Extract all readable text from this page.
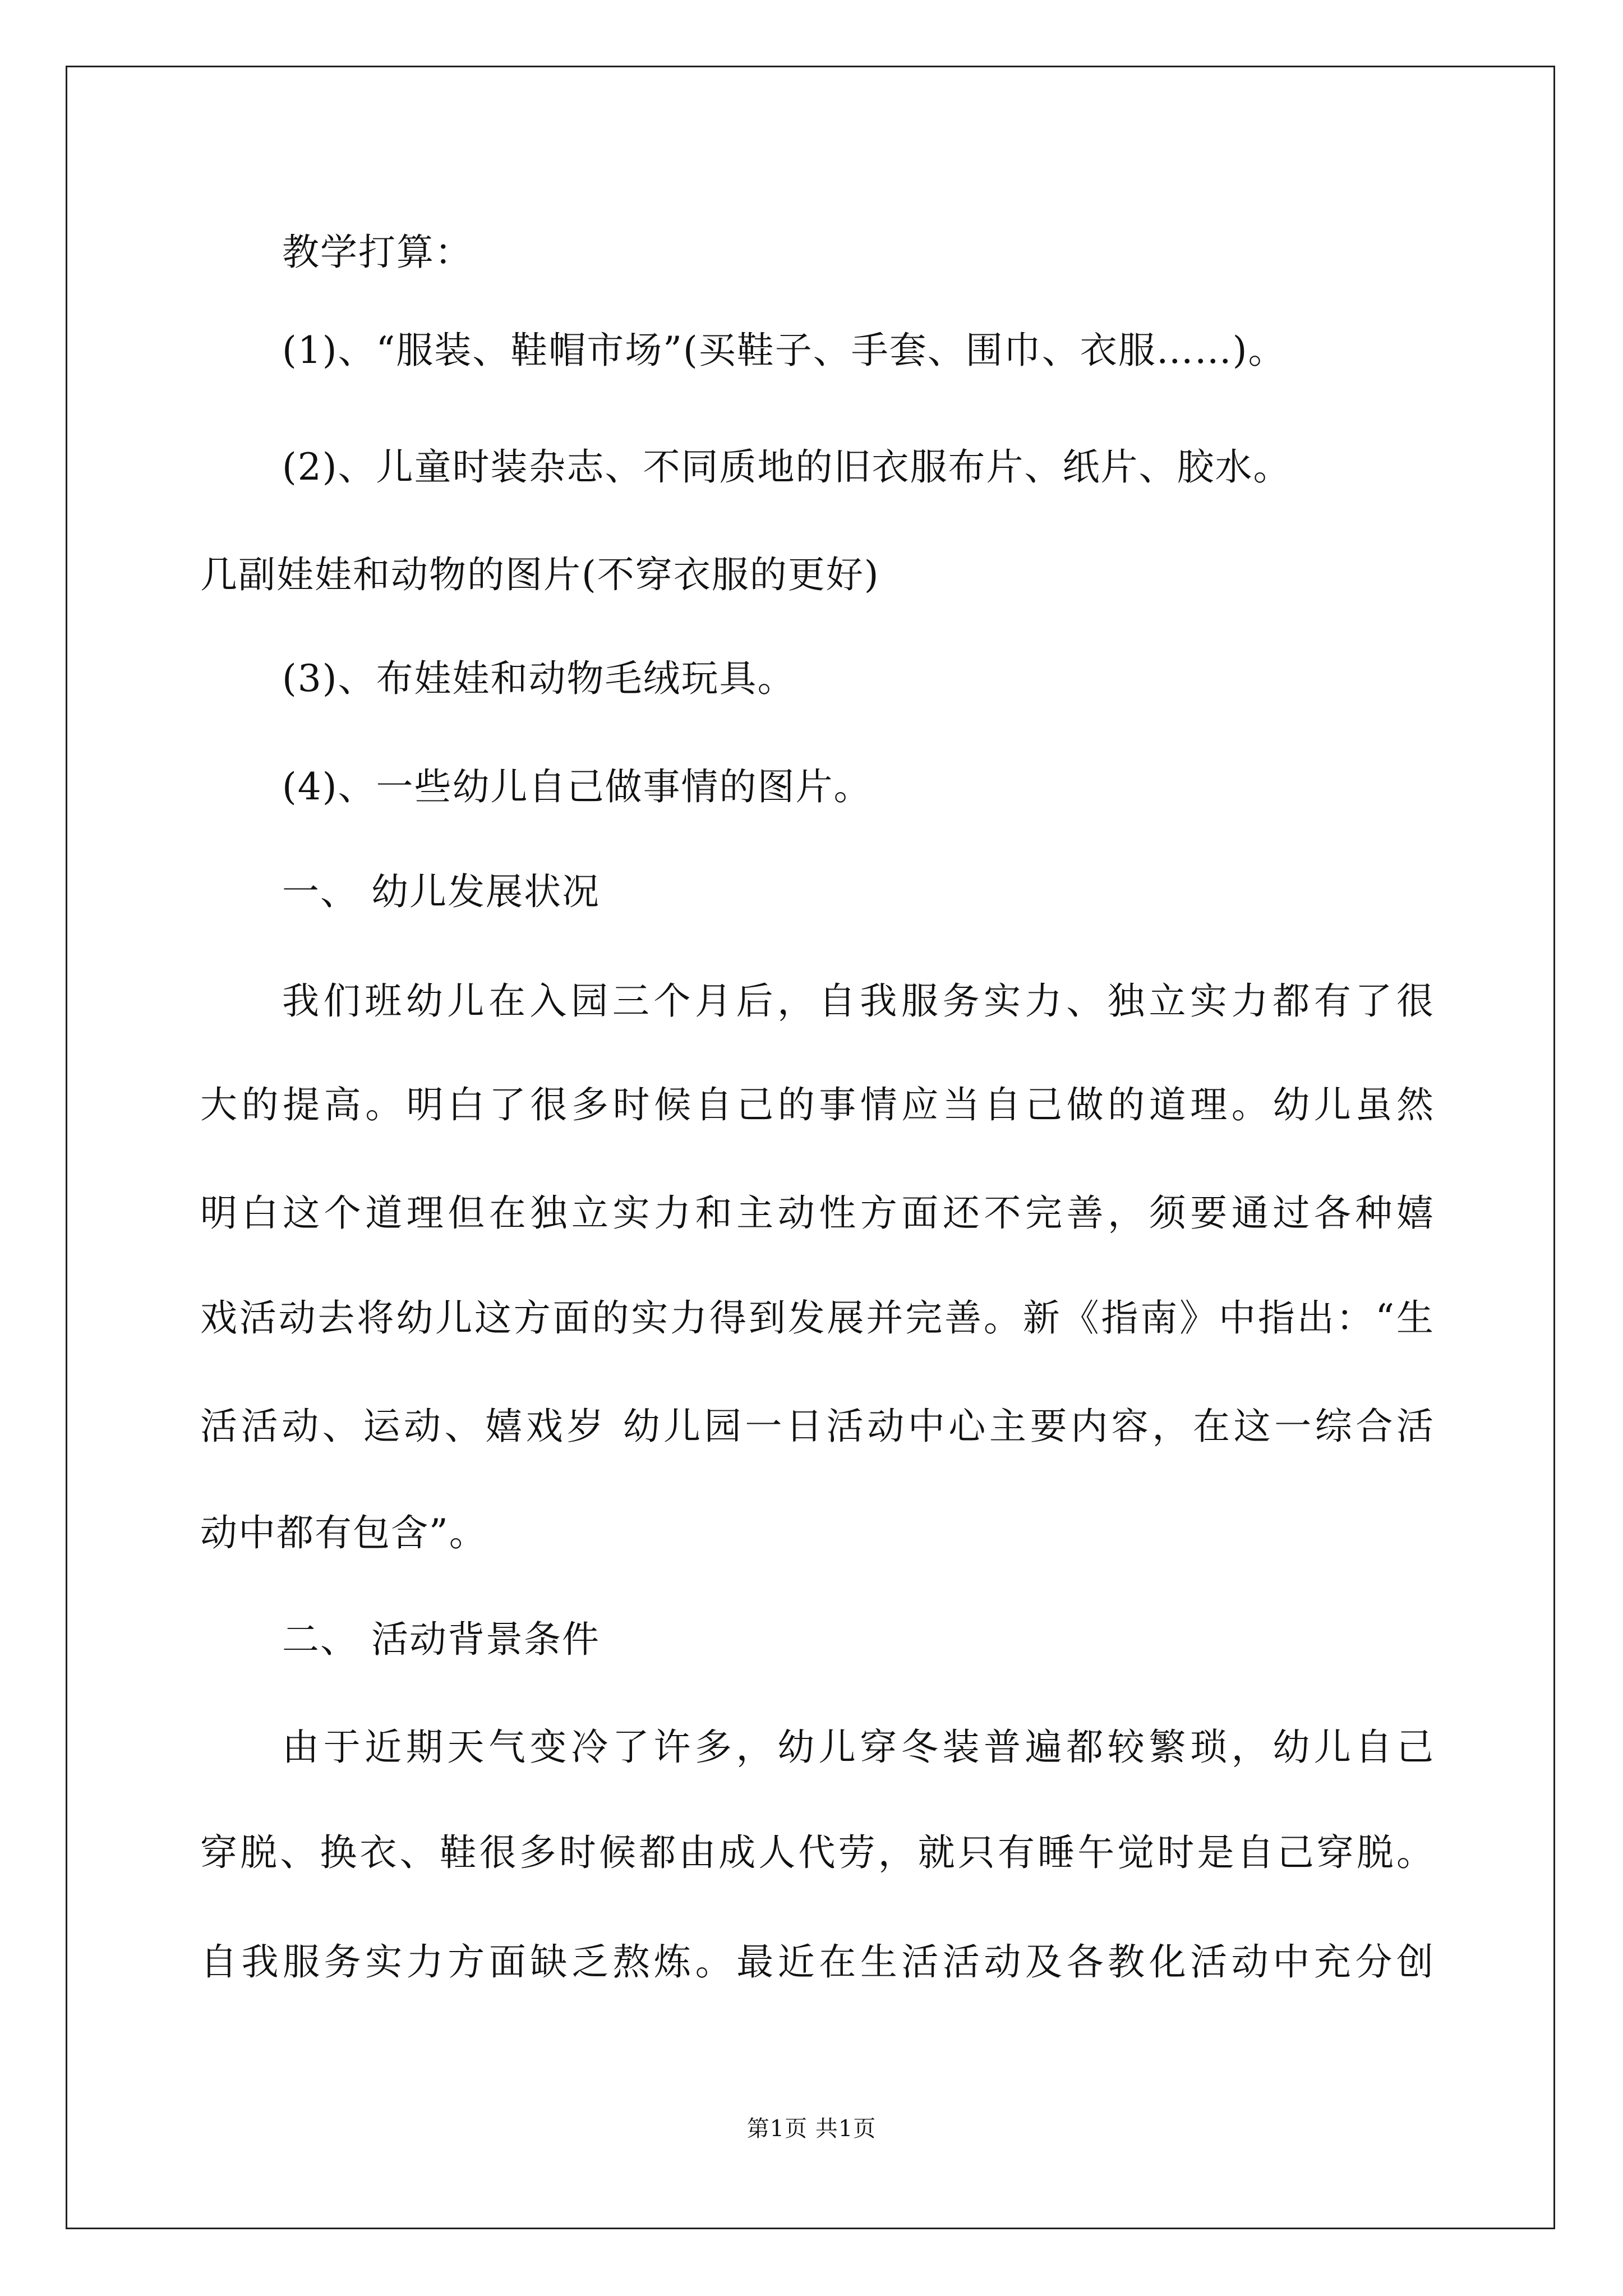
教学打算：
(1)、“服装、鞋帽市场”(买鞋子、手套、围巾、衣服……)。
(2)、儿童时装杂志、不同质地的旧衣服布片、纸片、胶水。
几副娃娃和动物的图片(不穿衣服的更好)
(3)、布娃娃和动物毛绒玩具。
(4)、一些幼儿自己做事情的图片。
一、 幼儿发展状况
我们班幼儿在入园三个月后，自我服务实力、独立实力都有了很
大的提高。明白了很多时候自己的事情应当自己做的道理。幼儿虽然
明白这个道理但在独立实力和主动性方面还不完善，须要通过各种嬉
戏活动去将幼儿这方面的实力得到发展并完善。新《指南》中指出：“生
活活动、运动、嬉戏岁 幼儿园一日活动中心主要内容，在这一综合活
动中都有包含”。
二、 活动背景条件
由于近期天气变冷了许多，幼儿穿冬装普遍都较繁琐，幼儿自己
穿脱、换衣、鞋很多时候都由成人代劳，就只有睡午觉时是自己穿脱。
自我服务实力方面缺乏熬炼。最近在生活活动及各教化活动中充分创
第1页 共1页
